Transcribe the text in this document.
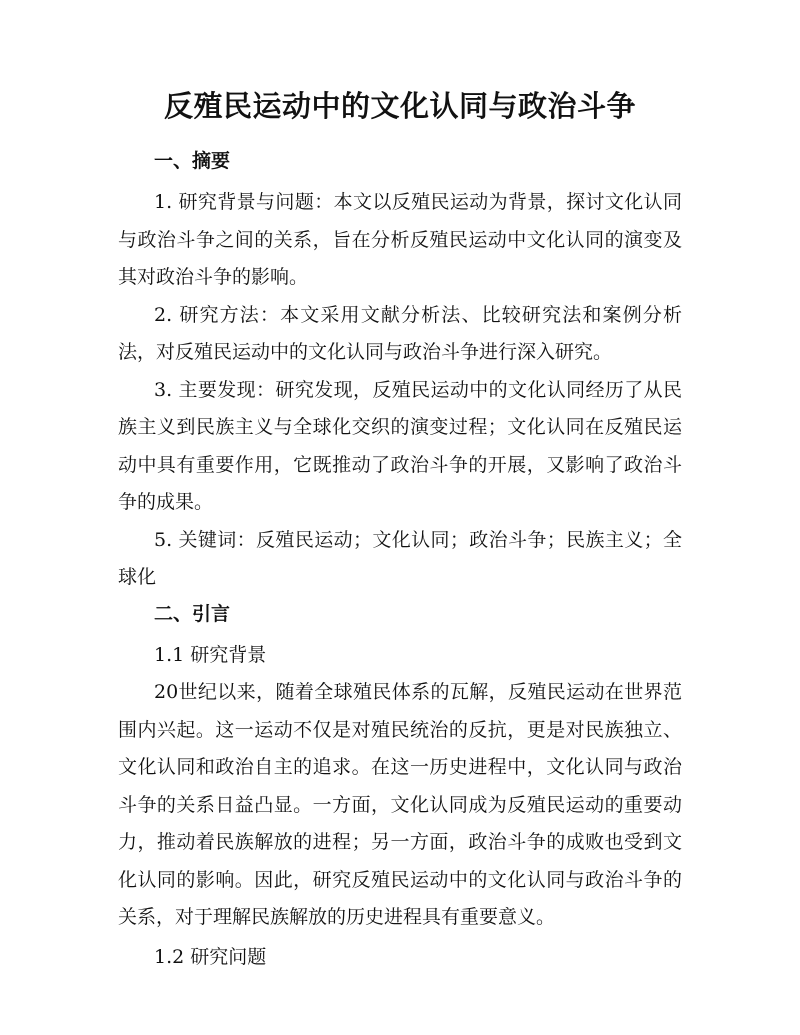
反殖民运动中的文化认同与政治斗争
一、摘要

1. 研究背景与问题：本文以反殖民运动为背景，探讨文化认同与政治斗争之间的关系，旨在分析反殖民运动中文化认同的演变及其对政治斗争的影响。

2. 研究方法：本文采用文献分析法、比较研究法和案例分析法，对反殖民运动中的文化认同与政治斗争进行深入研究。

3. 主要发现：研究发现，反殖民运动中的文化认同经历了从民族主义到民族主义与全球化交织的演变过程；文化认同在反殖民运动中具有重要作用，它既推动了政治斗争的开展，又影响了政治斗争的成果。

5. 关键词：反殖民运动；文化认同；政治斗争；民族主义；全球化

二、引言

1.1 研究背景

20世纪以来，随着全球殖民体系的瓦解，反殖民运动在世界范围内兴起。这一运动不仅是对殖民统治的反抗，更是对民族独立、文化认同和政治自主的追求。在这一历史进程中，文化认同与政治斗争的关系日益凸显。一方面，文化认同成为反殖民运动的重要动力，推动着民族解放的进程；另一方面，政治斗争的成败也受到文化认同的影响。因此，研究反殖民运动中的文化认同与政治斗争的关系，对于理解民族解放的历史进程具有重要意义。

1.2 研究问题
